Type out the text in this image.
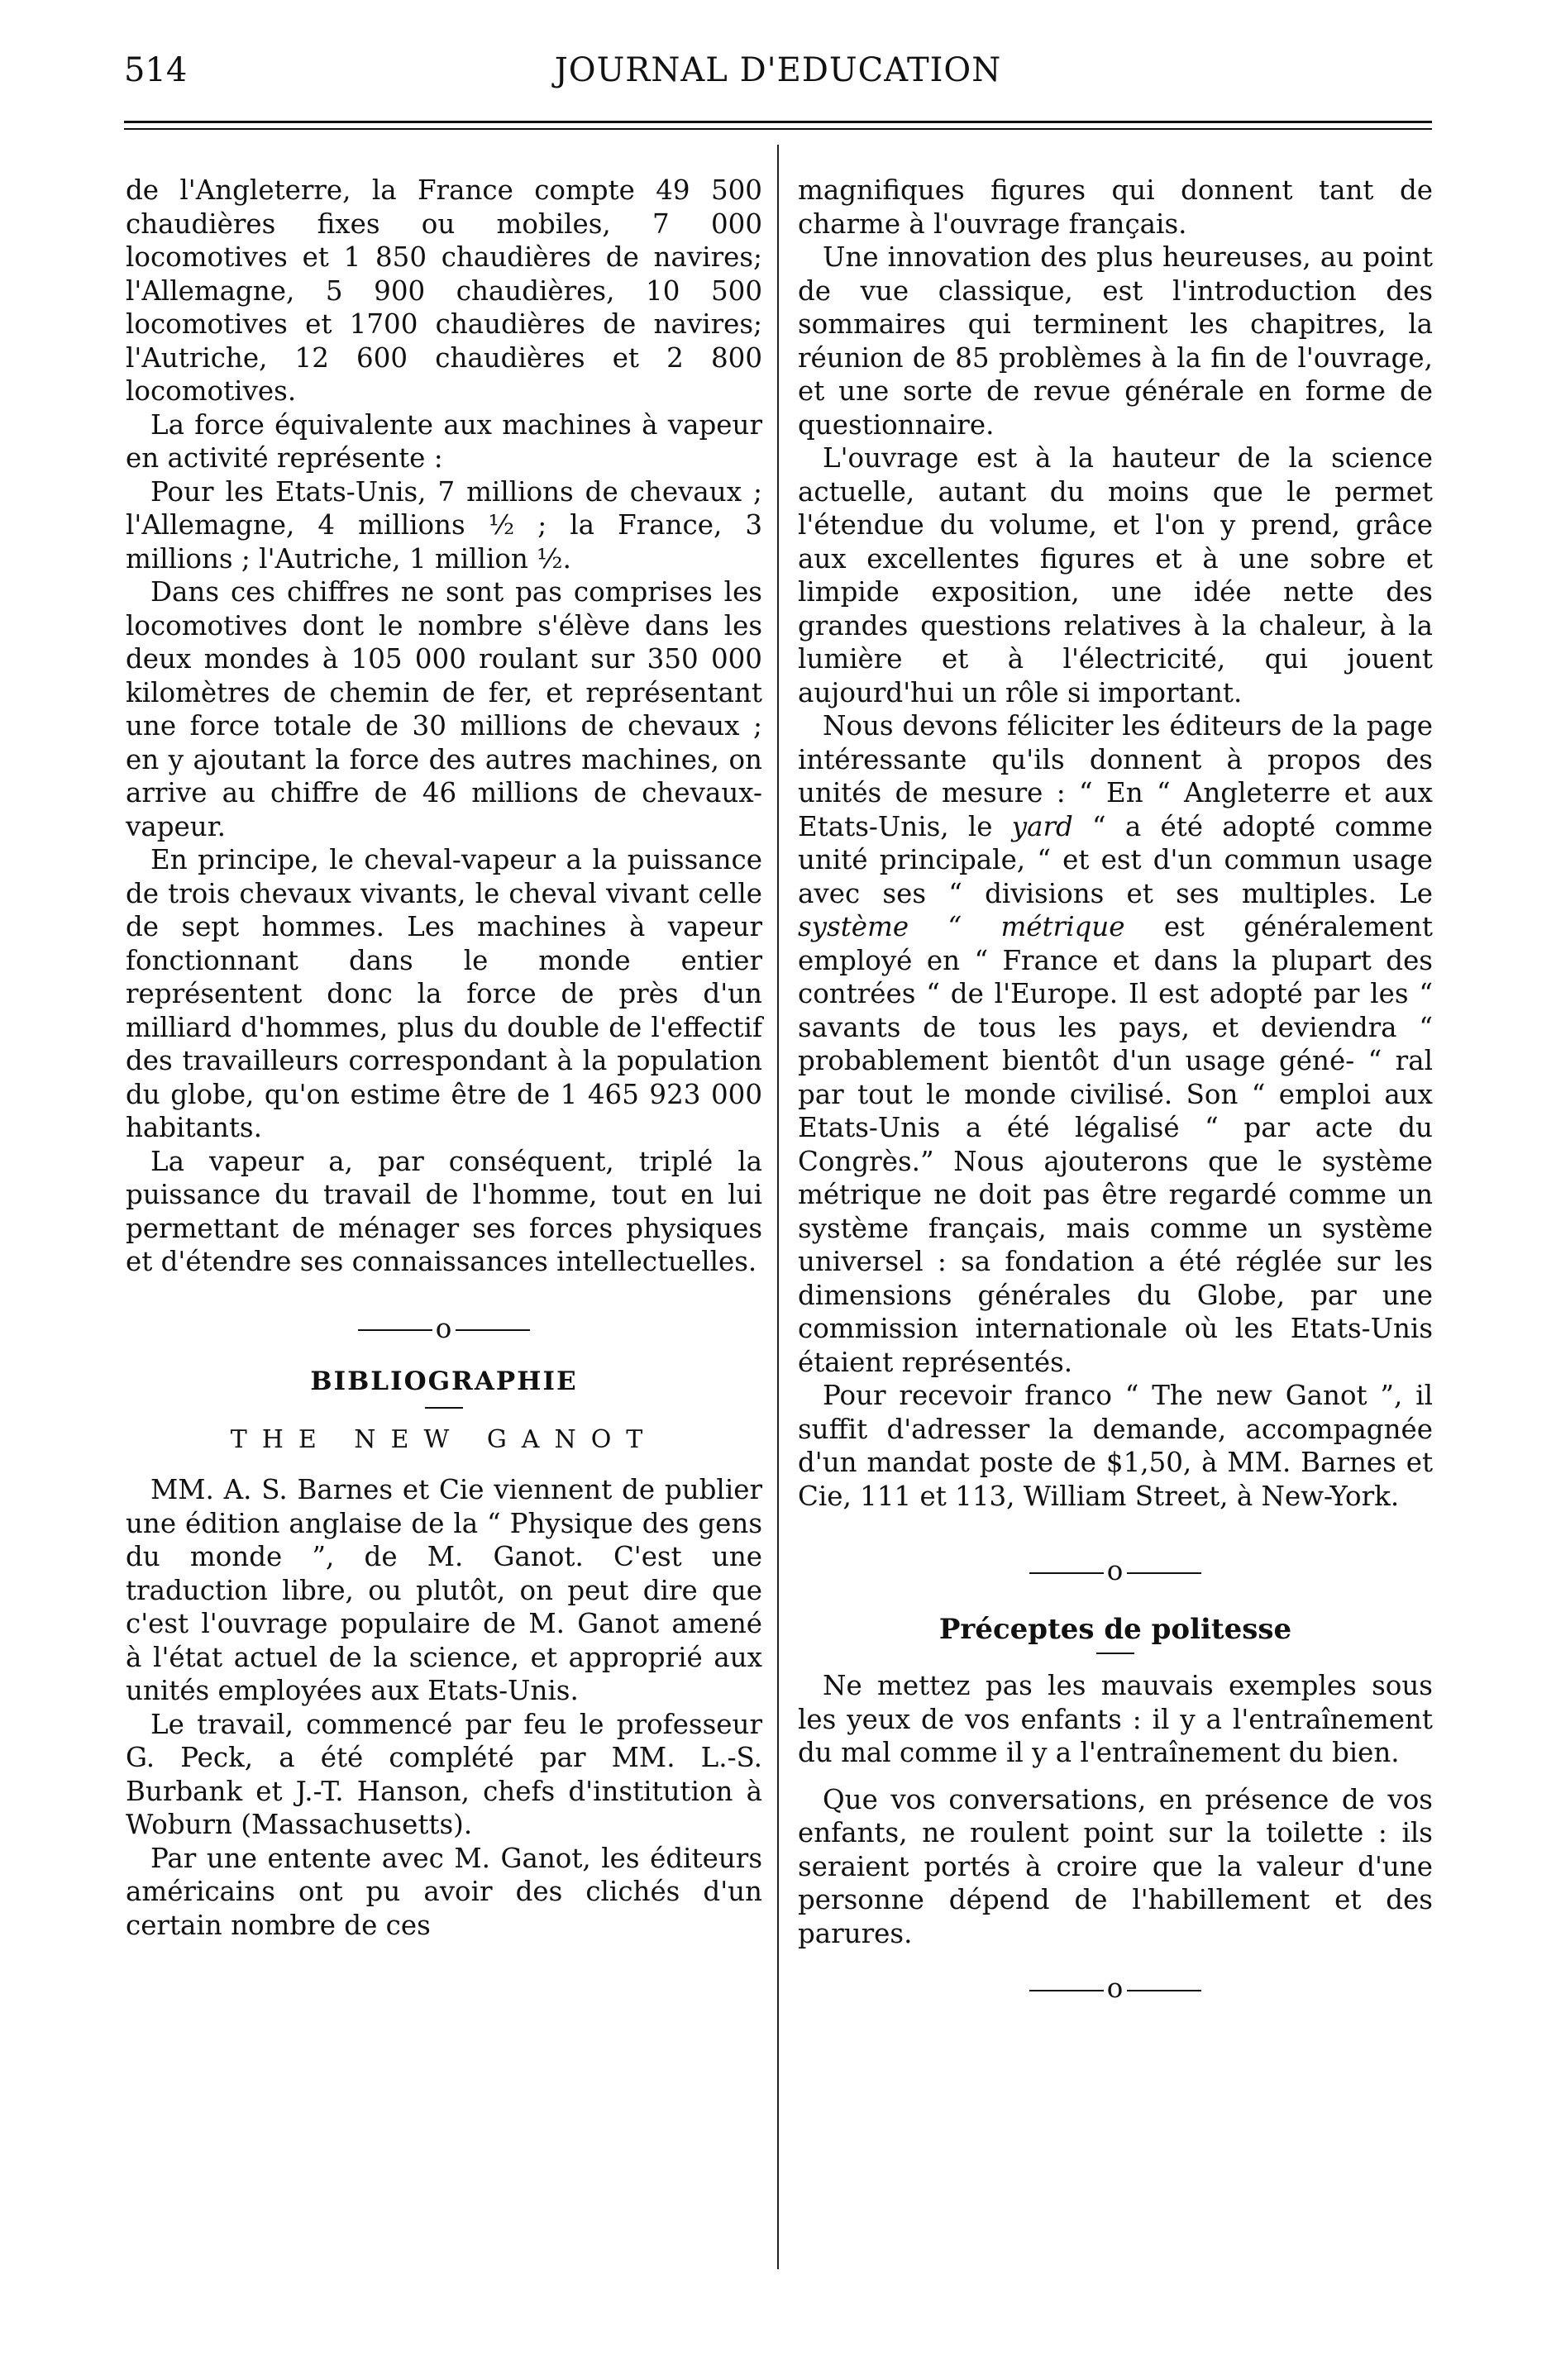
514	JOURNAL D'EDUCATION

de l'Angleterre, la France compte 49 500 chaudières fixes ou mobiles, 7 000 locomotives et 1 850 chaudières de navires; l'Allemagne, 5 900 chaudières, 10 500 locomotives et 1700 chaudières de navires; l'Autriche, 12 600 chaudières et 2 800 locomotives.

La force équivalente aux machines à vapeur en activité représente :

Pour les Etats-Unis, 7 millions de chevaux ; l'Allemagne, 4 millions ½ ; la France, 3 millions ; l'Autriche, 1 million ½.

Dans ces chiffres ne sont pas comprises les locomotives dont le nombre s'élève dans les deux mondes à 105 000 roulant sur 350 000 kilomètres de chemin de fer, et représentant une force totale de 30 millions de chevaux ; en y ajoutant la force des autres machines, on arrive au chiffre de 46 millions de chevaux-vapeur.

En principe, le cheval-vapeur a la puissance de trois chevaux vivants, le cheval vivant celle de sept hommes. Les machines à vapeur fonctionnant dans le monde entier représentent donc la force de près d'un milliard d'hommes, plus du double de l'effectif des travailleurs correspondant à la population du globe, qu'on estime être de 1 465 923 000 habitants.

La vapeur a, par conséquent, triplé la puissance du travail de l'homme, tout en lui permettant de ménager ses forces physiques et d'étendre ses connaissances intellectuelles.

o
BIBLIOGRAPHIE
THE NEW GANOT

MM. A. S. Barnes et Cie viennent de publier une édition anglaise de la “ Physique des gens du monde ”, de M. Ganot. C'est une traduction libre, ou plutôt, on peut dire que c'est l'ouvrage populaire de M. Ganot amené à l'état actuel de la science, et approprié aux unités employées aux Etats-Unis.

Le travail, commencé par feu le professeur G. Peck, a été complété par MM. L.-S. Burbank et J.-T. Hanson, chefs d'institution à Woburn (Massachusetts).

Par une entente avec M. Ganot, les éditeurs américains ont pu avoir des clichés d'un certain nombre de ces

magnifiques figures qui donnent tant de charme à l'ouvrage français.

Une innovation des plus heureuses, au point de vue classique, est l'introduction des sommaires qui terminent les chapitres, la réunion de 85 problèmes à la fin de l'ouvrage, et une sorte de revue générale en forme de questionnaire.

L'ouvrage est à la hauteur de la science actuelle, autant du moins que le permet l'étendue du volume, et l'on y prend, grâce aux excellentes figures et à une sobre et limpide exposition, une idée nette des grandes questions relatives à la chaleur, à la lumière et à l'électricité, qui jouent aujourd'hui un rôle si important.

Nous devons féliciter les éditeurs de la page intéressante qu'ils donnent à propos des unités de mesure : “ En “ Angleterre et aux Etats-Unis, le yard “ a été adopté comme unité principale, “ et est d'un commun usage avec ses “ divisions et ses multiples. Le système “ métrique est généralement employé en “ France et dans la plupart des contrées “ de l'Europe. Il est adopté par les “ savants de tous les pays, et deviendra “ probablement bientôt d'un usage géné- “ ral par tout le monde civilisé. Son “ emploi aux Etats-Unis a été légalisé “ par acte du Congrès.” Nous ajouterons que le système métrique ne doit pas être regardé comme un système français, mais comme un système universel : sa fondation a été réglée sur les dimensions générales du Globe, par une commission internationale où les Etats-Unis étaient représentés.

Pour recevoir franco “ The new Ganot ”, il suffit d'adresser la demande, accompagnée d'un mandat poste de $1,50, à MM. Barnes et Cie, 111 et 113, William Street, à New-York.

o
Préceptes de politesse

Ne mettez pas les mauvais exemples sous les yeux de vos enfants : il y a l'entraînement du mal comme il y a l'entraînement du bien.

Que vos conversations, en présence de vos enfants, ne roulent point sur la toilette : ils seraient portés à croire que la valeur d'une personne dépend de l'habillement et des parures.

o
